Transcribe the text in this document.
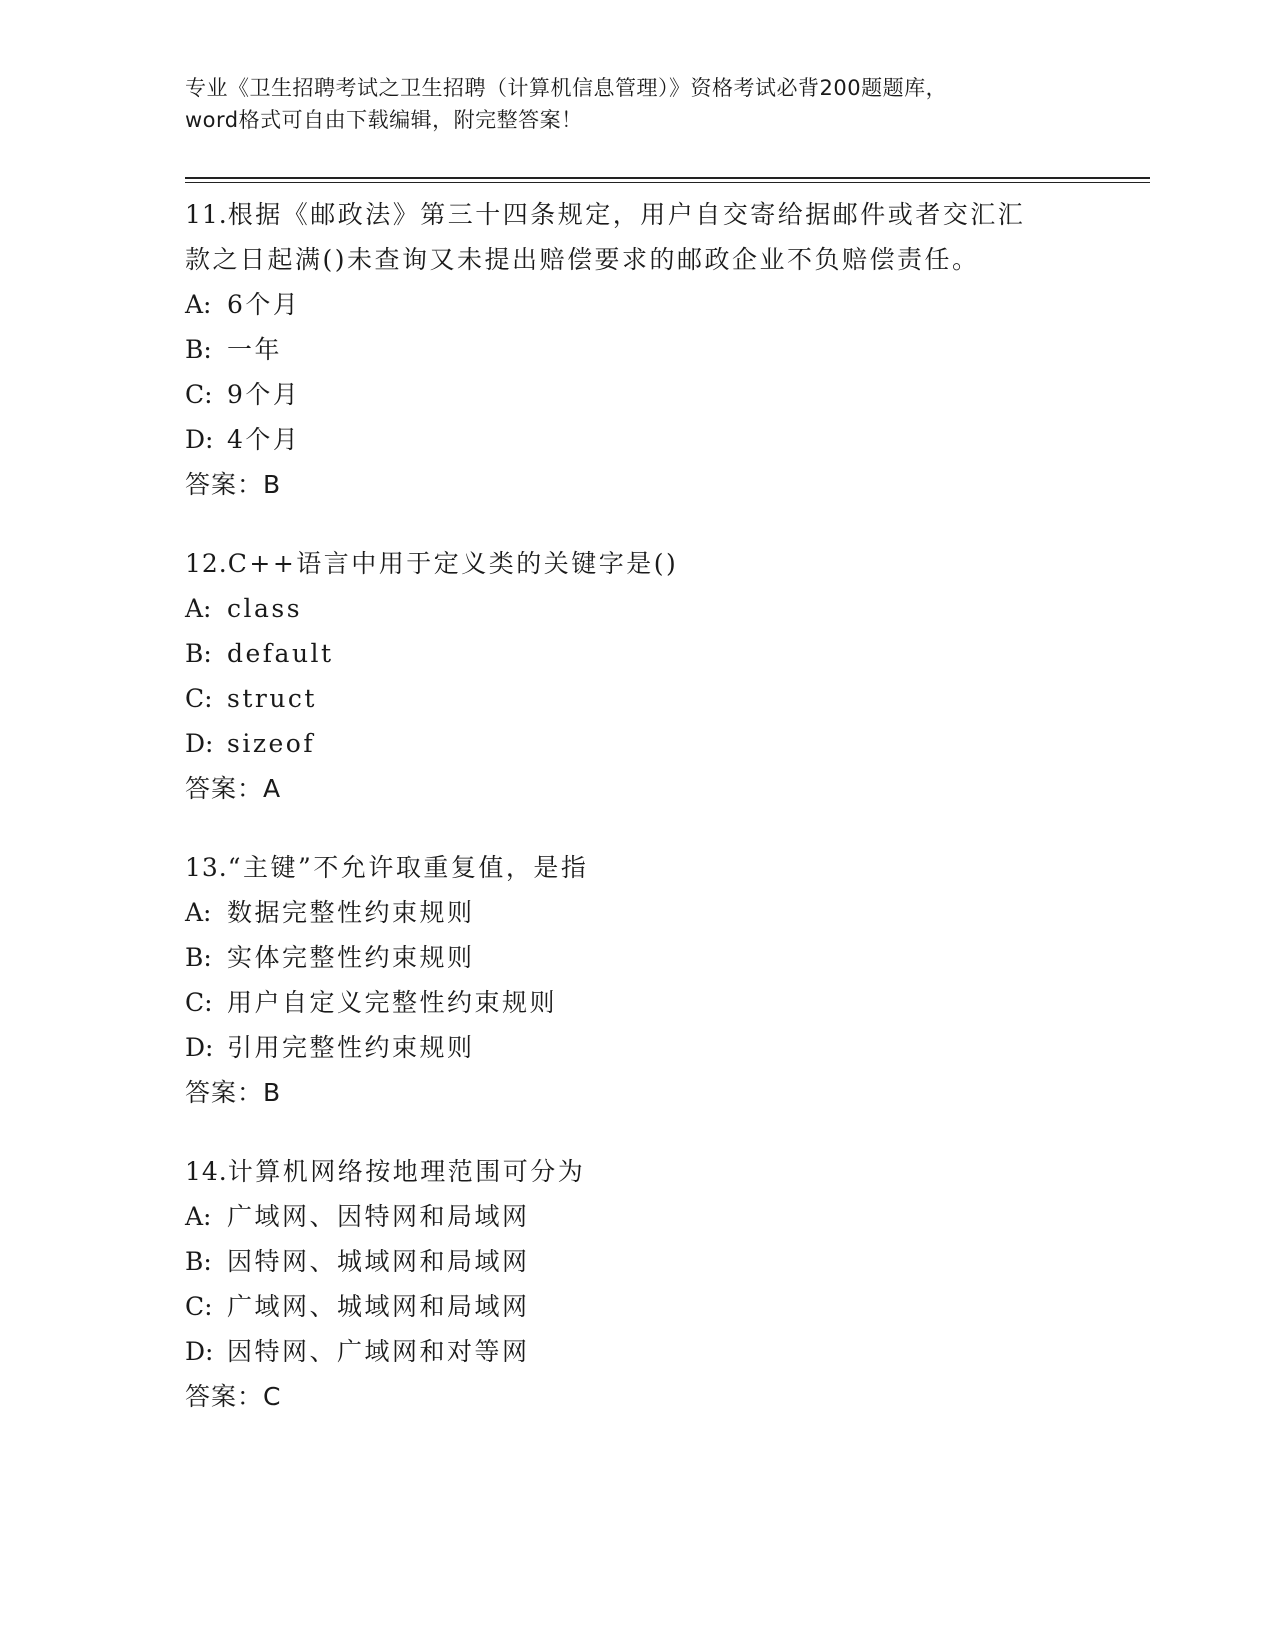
专业《卫生招聘考试之卫生招聘（计算机信息管理）》资格考试必背200题题库，
word格式可自由下载编辑，附完整答案！
11.根据《邮政法》第三十四条规定，用户自交寄给据邮件或者交汇汇
款之日起满()未查询又未提出赔偿要求的邮政企业不负赔偿责任。
A: 6个月
B: 一年
C: 9个月
D: 4个月
答案：B
12.C++语言中用于定义类的关键字是()
A: class
B: default
C: struct
D: sizeof
答案：A
13.“主键”不允许取重复值，是指
A: 数据完整性约束规则
B: 实体完整性约束规则
C: 用户自定义完整性约束规则
D: 引用完整性约束规则
答案：B
14.计算机网络按地理范围可分为
A: 广域网、因特网和局域网
B: 因特网、城域网和局域网
C: 广域网、城域网和局域网
D: 因特网、广域网和对等网
答案：C
